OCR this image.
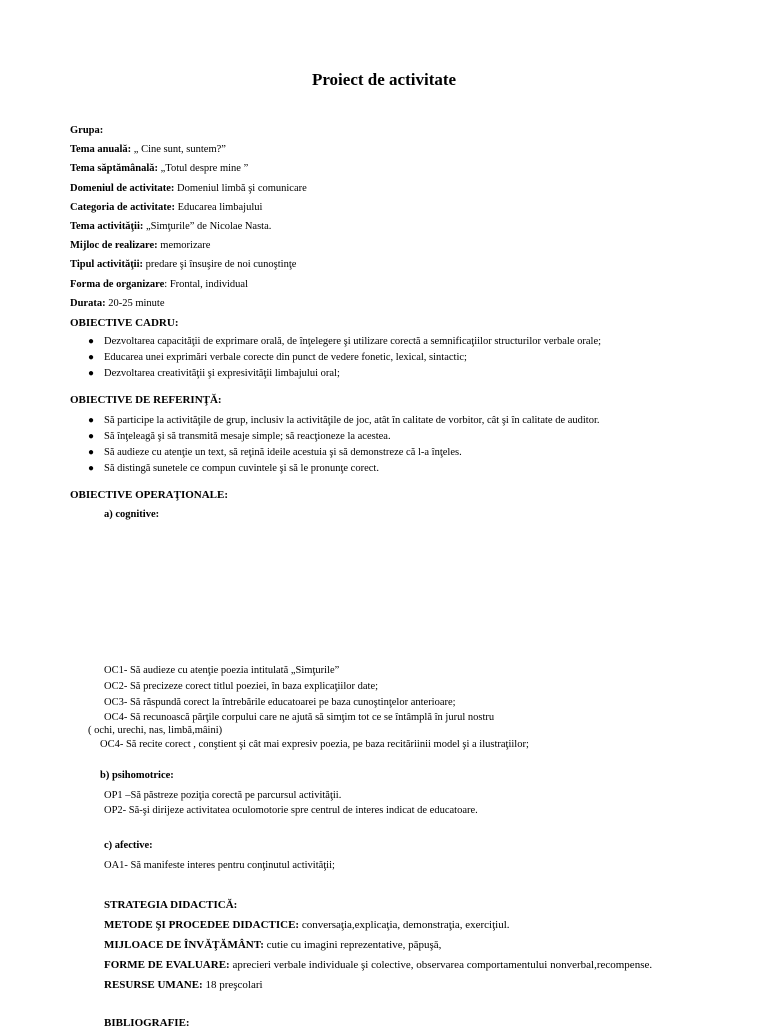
Proiect de activitate
Grupa:
Tema anuală: „ Cine sunt, suntem?”
Tema săptămânală: „Totul despre mine ”
Domeniul de activitate: Domeniul limbă şi comunicare
Categoria de activitate: Educarea limbajului
Tema activităţii: „Simţurile” de Nicolae Nasta.
Mijloc de realizare: memorizare
Tipul activităţii: predare şi însuşire de noi cunoştinţe
Forma de organizare: Frontal, individual
Durata: 20-25 minute
OBIECTIVE CADRU:
● Dezvoltarea capacităţii de exprimare orală, de înţelegere şi utilizare corectă a semnificaţiilor structurilor verbale orale;
● Educarea unei exprimări verbale corecte din punct de vedere fonetic, lexical, sintactic;
● Dezvoltarea creativităţii şi expresivităţii limbajului oral;
OBIECTIVE DE REFERINŢĂ:
● Să participe la activităţile de grup, inclusiv la activităţile de joc, atât în calitate de vorbitor, cât şi în calitate de auditor.
● Să înţeleagă şi să transmită mesaje simple; să reacţioneze la acestea.
● Să audieze cu atenţie un text, să reţină ideile acestuia şi să demonstreze că l-a înţeles.
● Să distingă sunetele ce compun cuvintele şi să le pronunţe corect.
OBIECTIVE OPERAŢIONALE:
a) cognitive:
OC1- Să audieze cu atenţie poezia intitulată „Simţurile”
OC2- Să precizeze corect titlul poeziei, în baza explicaţiilor date;
OC3- Să răspundă corect la întrebările educatoarei pe baza cunoştinţelor anterioare;
OC4- Să recunoască părţile corpului care ne ajută să simţim tot ce se întâmplă în jurul nostru
( ochi, urechi, nas, limbă,mâini)
OC4- Să recite corect , conştient şi cât mai expresiv poezia, pe baza recităriinii model şi a ilustraţiilor;
b) psihomotrice:
OP1 –Să păstreze poziţia corectă pe parcursul activităţii.
OP2- Să-şi dirijeze activitatea oculomotorie spre centrul de interes indicat de educatoare.
c) afective:
OA1- Să manifeste interes pentru conţinutul activităţii;
STRATEGIA DIDACTICĂ:
METODE ŞI PROCEDEE DIDACTICE: conversaţia,explicaţia, demonstraţia, exerciţiul.
MIJLOACE DE ÎNVĂŢĂMÂNT: cutie cu imagini reprezentative, păpuşă,
FORME DE EVALUARE: aprecieri verbale individuale şi colective, observarea comportamentului nonverbal,recompense.
RESURSE UMANE: 18 preşcolari
BIBLIOGRAFIE:
